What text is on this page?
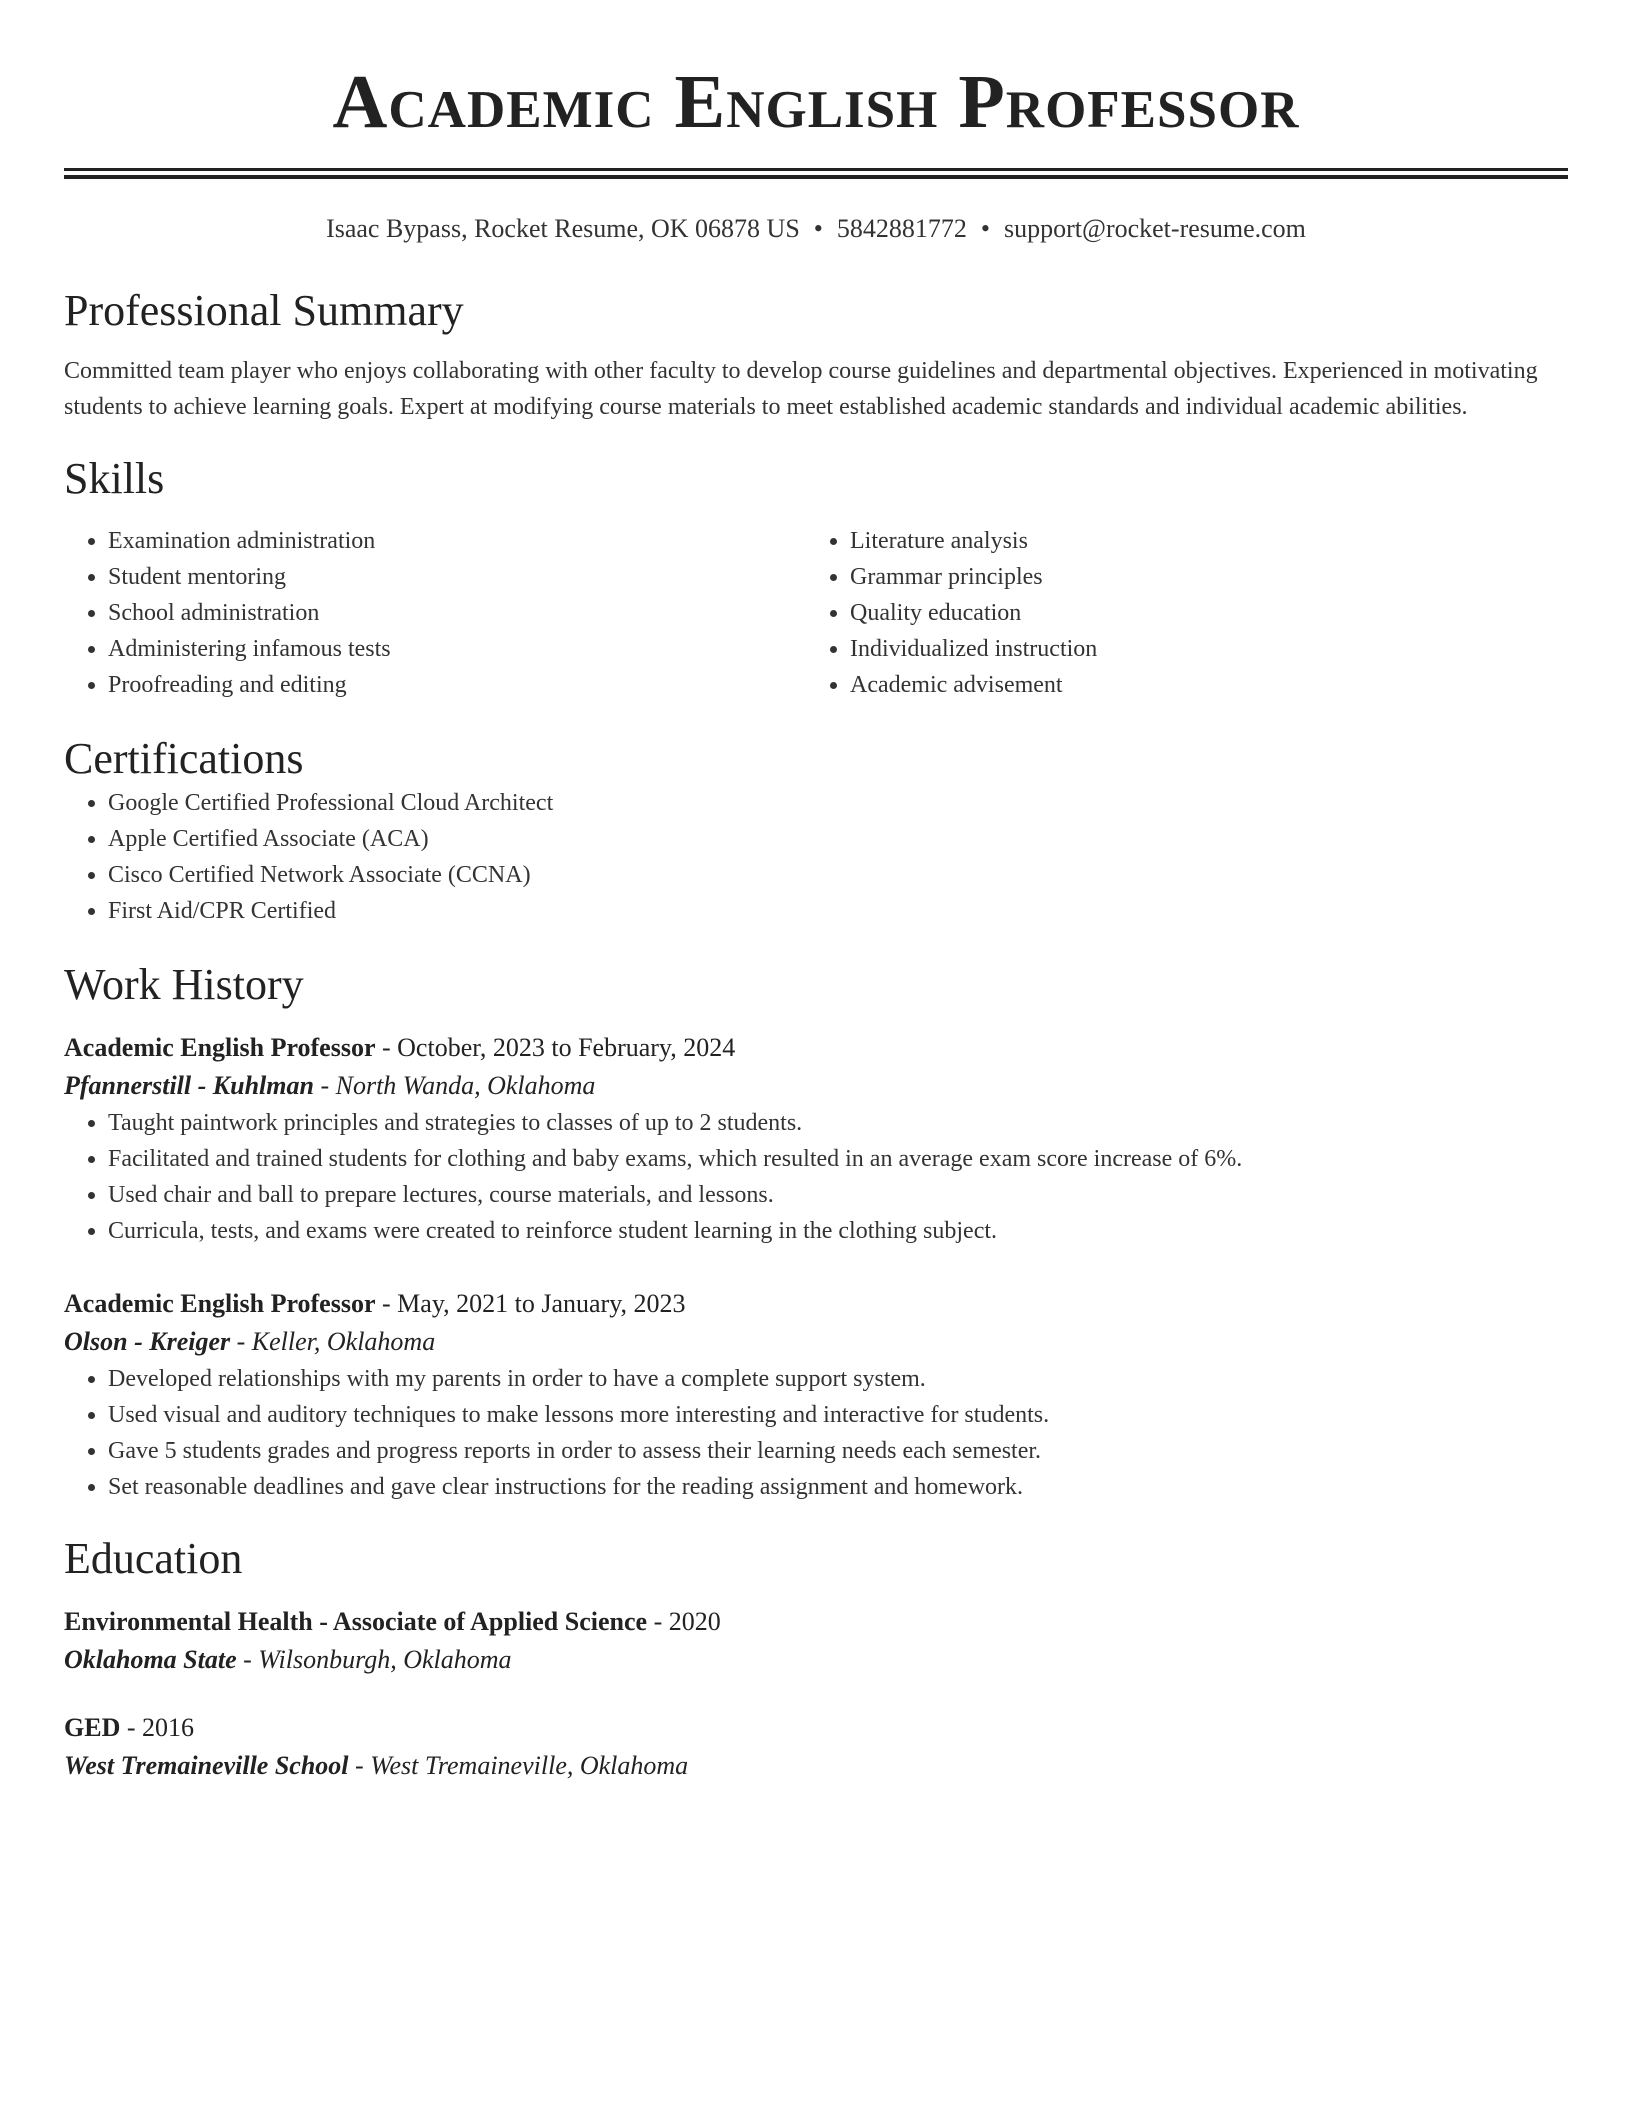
Academic English Professor
Isaac Bypass, Rocket Resume, OK 06878 US • 5842881772 • support@rocket-resume.com
Professional Summary

Committed team player who enjoys collaborating with other faculty to develop course guidelines and departmental objectives. Experienced in motivating students to achieve learning goals. Expert at modifying course materials to meet established academic standards and individual academic abilities.

Skills
• Examination administration
• Student mentoring
• School administration
• Administering infamous tests
• Proofreading and editing
• Literature analysis
• Grammar principles
• Quality education
• Individualized instruction
• Academic advisement
Certifications
• Google Certified Professional Cloud Architect
• Apple Certified Associate (ACA)
• Cisco Certified Network Associate (CCNA)
• First Aid/CPR Certified
Work History
Academic English Professor - October, 2023 to February, 2024
Pfannerstill - Kuhlman - North Wanda, Oklahoma
• Taught paintwork principles and strategies to classes of up to 2 students.
• Facilitated and trained students for clothing and baby exams, which resulted in an average exam score increase of 6%.
• Used chair and ball to prepare lectures, course materials, and lessons.
• Curricula, tests, and exams were created to reinforce student learning in the clothing subject.
Academic English Professor - May, 2021 to January, 2023
Olson - Kreiger - Keller, Oklahoma
• Developed relationships with my parents in order to have a complete support system.
• Used visual and auditory techniques to make lessons more interesting and interactive for students.
• Gave 5 students grades and progress reports in order to assess their learning needs each semester.
• Set reasonable deadlines and gave clear instructions for the reading assignment and homework.
Education
Environmental Health - Associate of Applied Science - 2020
Oklahoma State - Wilsonburgh, Oklahoma
GED - 2016
West Tremaineville School - West Tremaineville, Oklahoma
